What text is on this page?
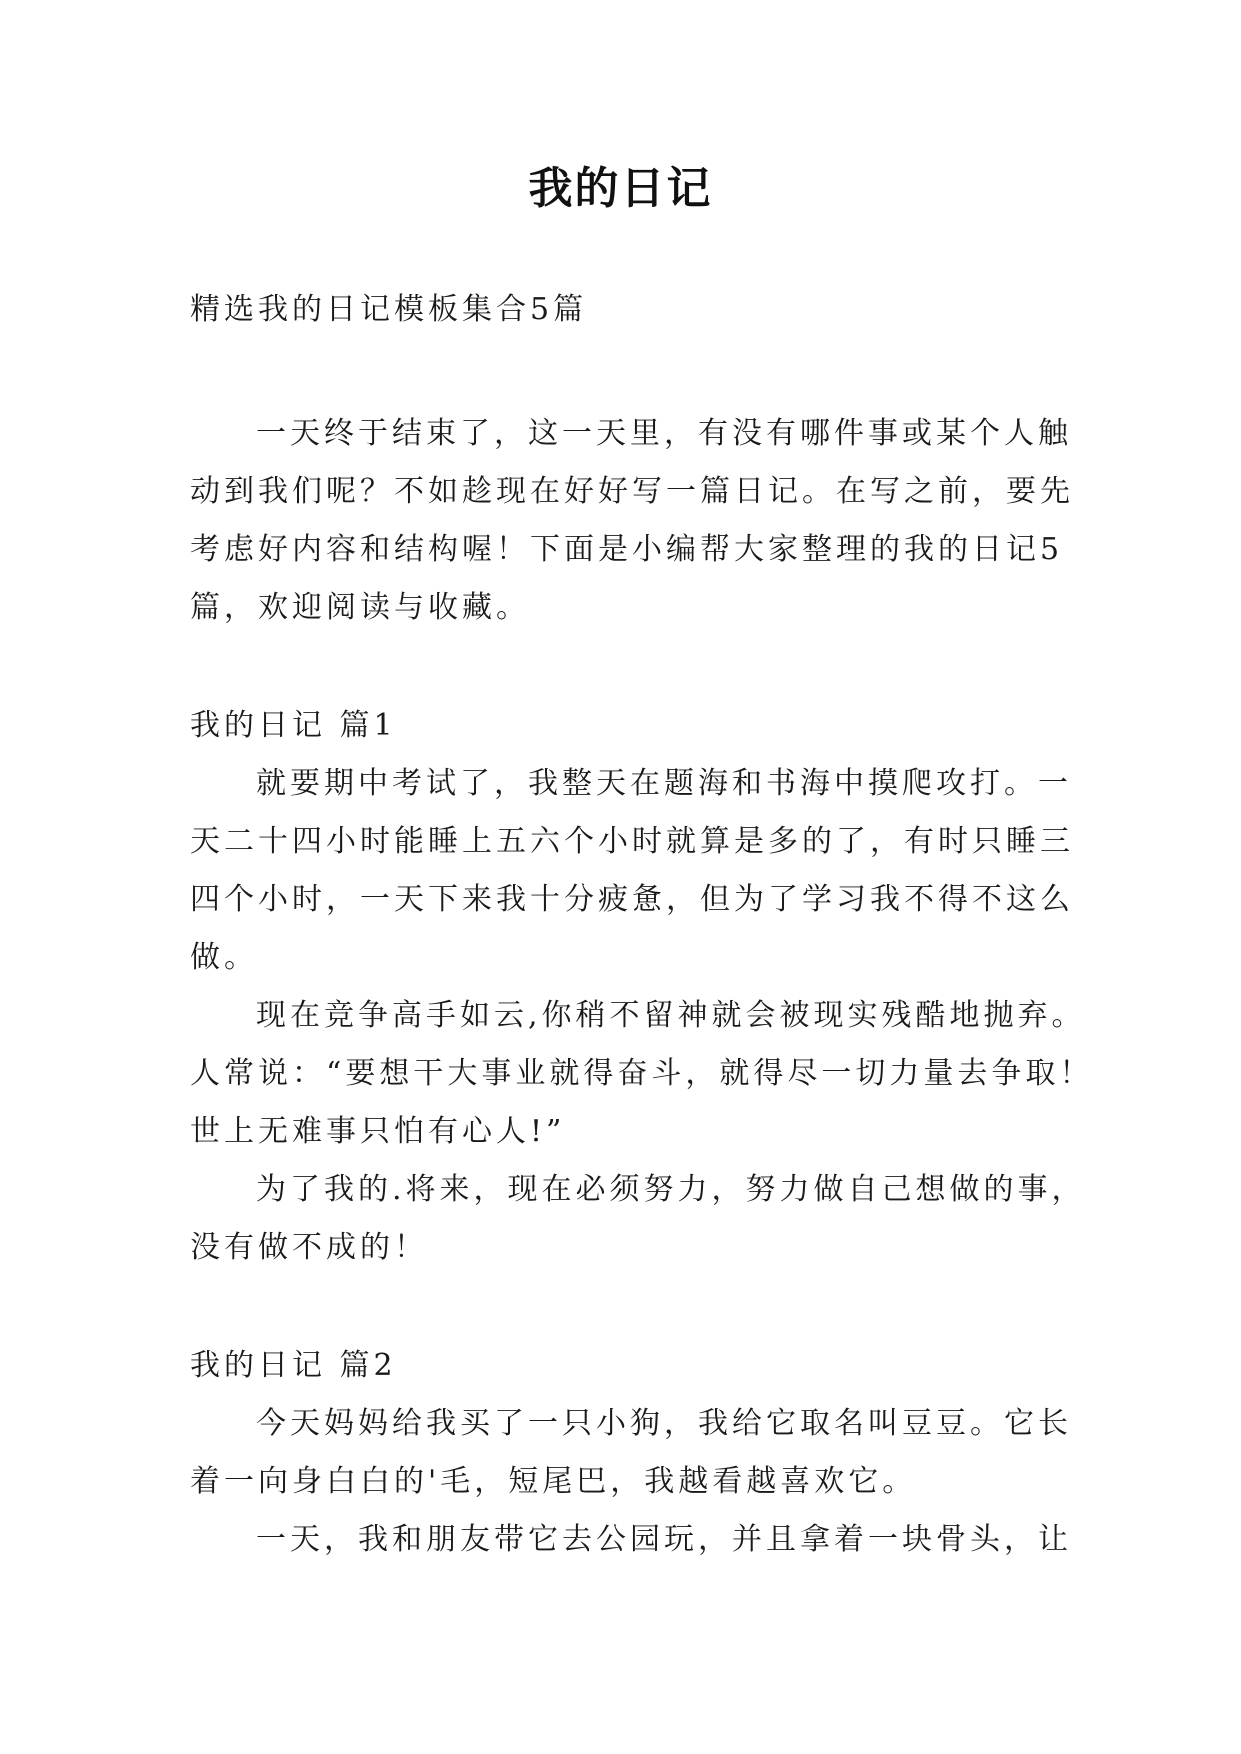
我的日记

精选我的日记模板集合5篇

一天终于结束了，这一天里，有没有哪件事或某个人触

动到我们呢？不如趁现在好好写一篇日记。在写之前，要先

考虑好内容和结构喔！下面是小编帮大家整理的我的日记5

篇，欢迎阅读与收藏。

我的日记 篇1

就要期中考试了，我整天在题海和书海中摸爬攻打。一

天二十四小时能睡上五六个小时就算是多的了，有时只睡三

四个小时，一天下来我十分疲惫，但为了学习我不得不这么

做。

现在竞争高手如云,你稍不留神就会被现实残酷地抛弃。

人常说：“要想干大事业就得奋斗，就得尽一切力量去争取！

世上无难事只怕有心人!”

为了我的.将来，现在必须努力，努力做自己想做的事，

没有做不成的！

我的日记 篇2

今天妈妈给我买了一只小狗，我给它取名叫豆豆。它长

着一向身白白的'毛，短尾巴，我越看越喜欢它。

一天，我和朋友带它去公园玩，并且拿着一块骨头，让
